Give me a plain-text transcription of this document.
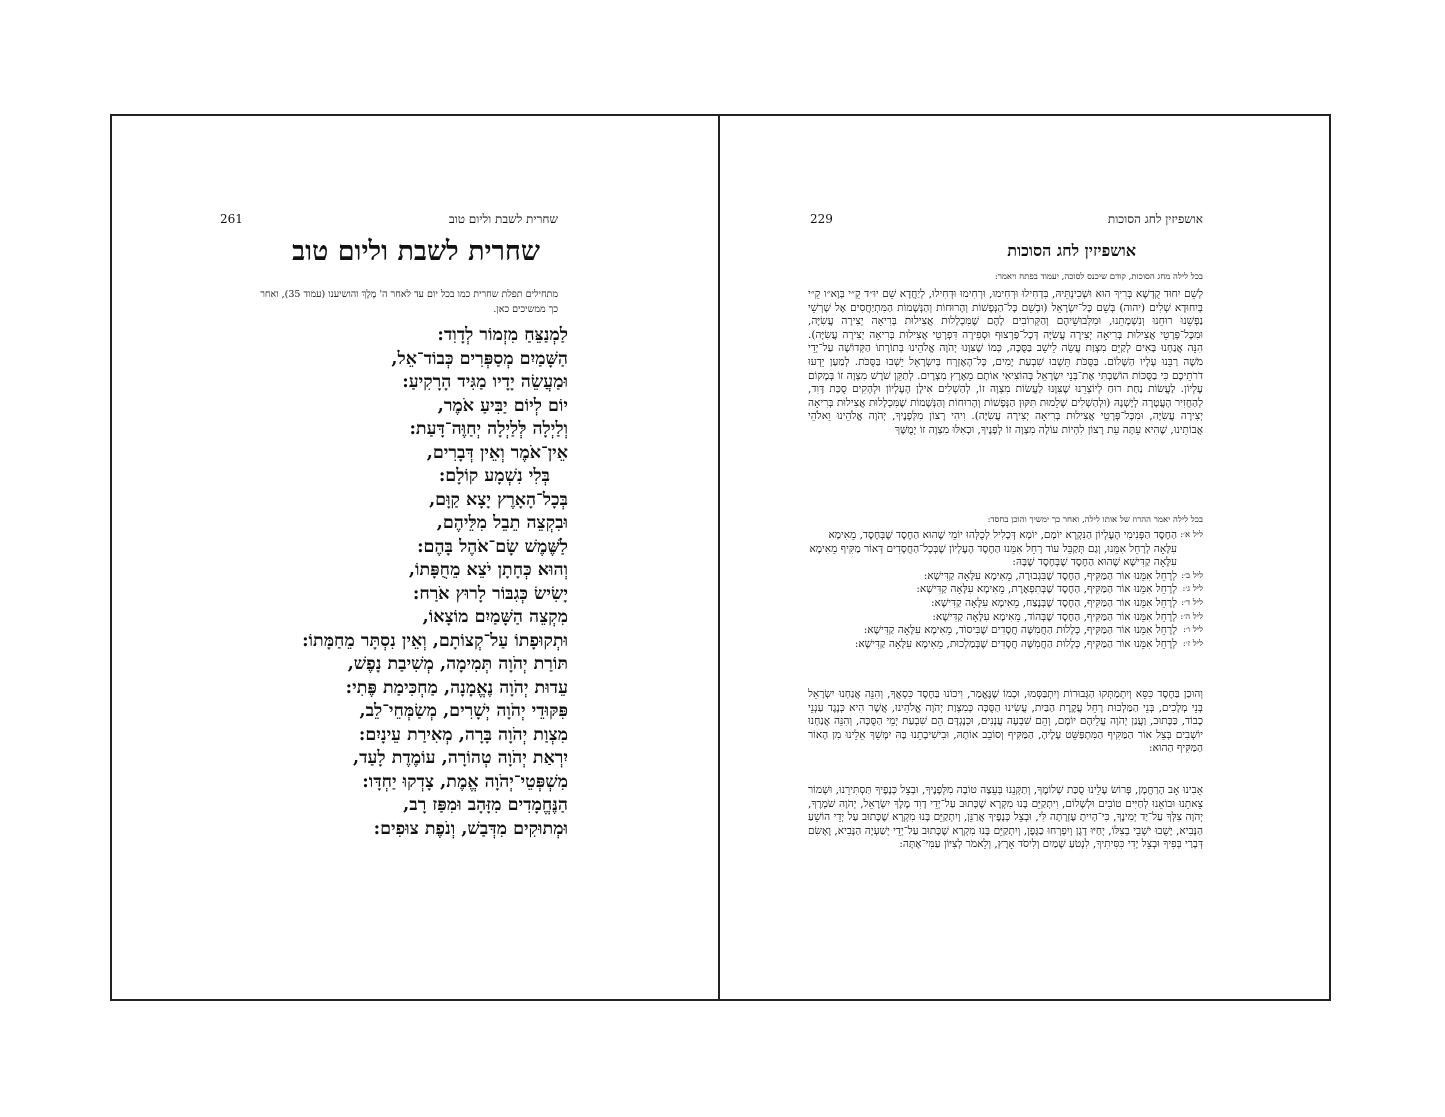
שחרית לשבת וליום טוב
261
שחרית לשבת וליום טוב
מתחילים תפלת שחרית כמו בכל יום עד לאחר ה' מֶלֶךְ והושיענו (עמוד 35), ואחר כך ממשיכים כאן.
לַמְנַצֵּחַ מִזְמוֹר לְדָוִד:
הַשָּׁמַיִם מְסַפְּרִים כְּבוֹד־אֵל,
וּמַעֲשֵׂה יָדָיו מַגִּיד הָרָקִיעַ:
יוֹם לְיוֹם יַבִּיעַ אֹמֶר,
וְלַיְלָה לְּלַיְלָה יְחַוֶּה־דָּעַת:
אֵין־אֹמֶר וְאֵין דְּבָרִים,
בְּלִי נִשְׁמָע קוֹלָם:
בְּכָל־הָאָרֶץ יָצָא קַוָּם,
וּבִקְצֵה תֵבֵל מִלֵּיהֶם,
לַשֶּׁמֶשׁ שָׂם־אֹהֶל בָּהֶם:
וְהוּא כְּחָתָן יֹצֵא מֵחֻפָּתוֹ,
יָשִׂישׂ כְּגִבּוֹר לָרוּץ אֹרַח:
מִקְצֵה הַשָּׁמַיִם מוֹצָאוֹ,
וּתְקוּפָתוֹ עַל־קְצוֹתָם, וְאֵין נִסְתָּר מֵחַמָּתוֹ:
תּוֹרַת יְהֹוָה תְּמִימָה, מְשִׁיבַת נָפֶשׁ,
עֵדוּת יְהֹוָה נֶאֱמָנָה, מַחְכִּימַת פֶּתִי:
פִּקּוּדֵי יְהֹוָה יְשָׁרִים, מְשַׂמְּחֵי־לֵב,
מִצְוַת יְהֹוָה בָּרָה, מְאִירַת עֵינָיִם:
יִרְאַת יְהֹוָה טְהוֹרָה, עוֹמֶדֶת לָעַד,
מִשְׁפְּטֵי־יְהֹוָה אֱמֶת, צָדְקוּ יַחְדָּו:
הַנֶּחֱמָדִים מִזָּהָב וּמִפַּז רָב,
וּמְתוּקִים מִדְּבַשׁ, וְנֹפֶת צוּפִים:
אושפיזין לחג הסוכות
229
אושפיזין לחג הסוכות
בכל לילה מחג הסוכות, קודם שיכנס לסוכה, יעמוד בפתח ויאמר:

לְשֵׁם יִחוּד קֻדְשָׁא בְּרִיךְ הוּא וּשְׁכִינְתֵּיהּ, בִּדְחִילוּ וּרְחִימוּ, וּרְחִימוּ וּדְחִילוּ, לְיַחֲדָא שֵׁם יוּ״ד קֵ״י בְּוָא״ו קֵ״י בְּיִחוּדָא שְׁלִים (יהוה) בְּשֵׁם כָּל־יִשְׂרָאֵל (וּבְשֵׁם כָּל־הַנְּפָשׁוֹת וְהָרוּחוֹת וְהַנְּשָׁמוֹת הַמִּתְיַחֲסִים אֶל שָׁרְשֵׁי נַפְשֵׁנוּ רוּחֵנוּ וְנִשְׁמָתֵנוּ, וּמִלְּבוּשֵׁיהֶם וְהַקְּרוֹבִים לָהֶם שֶׁמִּכְלָלוּת אֲצִילוּת בְּרִיאָה יְצִירָה עֲשִׂיָּה, וּמִכָּל־פְּרָטֵי אֲצִילוּת בְּרִיאָה יְצִירָה עֲשִׂיָּה דְּכָל־פַּרְצוּף וּסְפִירָה דִּפְרָטֵי אֲצִילוּת בְּרִיאָה יְצִירָה עֲשִׂיָּה). הִנֵּה אֲנַחְנוּ בָּאִים לְקַיֵּם מִצְוַת עֲשֵׂה לֵישֵׁב בַּסֻּכָּה, כְּמוֹ שֶׁצִּוָּנוּ יְהֹוָה אֱלֹהֵינוּ בְּתוֹרָתוֹ הַקְּדוֹשָׁה עַל־יְדֵי מֹשֶׁה רַבֵּנוּ עָלָיו הַשָּׁלוֹם. בַּסֻּכֹּת תֵּשְׁבוּ שִׁבְעַת יָמִים, כָּל־הָאֶזְרָח בְּיִשְׂרָאֵל יֵשְׁבוּ בַּסֻּכֹּת. לְמַעַן יֵדְעוּ דֹרֹתֵיכֶם כִּי בַסֻּכּוֹת הוֹשַׁבְתִּי אֶת־בְּנֵי יִשְׂרָאֵל בְּהוֹצִיאִי אוֹתָם מֵאֶרֶץ מִצְרָיִם. לְתַקֵּן שֹׁרֶשׁ מִצְוָה זוֹ בְּמָקוֹם עֶלְיוֹן. לַעֲשׂוֹת נַחַת רוּחַ לְיוֹצְרֵנוּ שֶׁצִּוָּנוּ לַעֲשׂוֹת מִצְוָה זוֹ, לְהַשְׁלִים אִילָן הָעֶלְיוֹן וּלְהָקִים סֻכַּת דָּוִד, לְהַחֲזִיר הָעֲטָרָה לְיָשְׁנָהּ (וּלְהַשְׁלִים שְׁלֵמוּת תִּקּוּן הַנְּפָשׁוֹת וְהָרוּחוֹת וְהַנְּשָׁמוֹת שֶׁמִּכְלָלוּת אֲצִילוּת בְּרִיאָה יְצִירָה עֲשִׂיָּה, וּמִכָּל־פְּרָטֵי אֲצִילוּת בְּרִיאָה יְצִירָה עֲשִׂיָּה). וִיהִי רָצוֹן מִלְּפָנֶיךָ, יְהֹוָה אֱלֹהֵינוּ וֵאלֹהֵי אֲבוֹתֵינוּ, שֶׁהִיא עֵתָּה עֵת רָצוֹן לִהְיוֹת עוֹלָה מִצְוָה זוֹ לְפָנֶיךָ, וּכְאִלּוּ מִצְוָה זוֹ יְמֻשָּׁךְ

בכל לילה יאמר ההרוז של אותו לילה, ואחר כך ימשיך והוכן בחסד:
ליל א׳:
הַחֶסֶד הַפְּנִימִי הָעֶלְיוֹן הַנִּקְרָא יוֹמָם, יוֹמָא דְּכָלִיל לְכֻלְּהוּ יוֹמֵי שֶׁהוּא הַחֶסֶד שֶׁבְּחֶסֶד, מֵאִימָא עִלָּאָה לְרָחֵל אִמֵּנוּ, וְגַם תְּקַבֵּל עוֹד רָחֵל אִמֵּנוּ הַחֶסֶד הָעֶלְיוֹן שֶׁבְּכָל־הַחֲסָדִים דְּאוֹר מַקִּיף מֵאִימָא עִלָּאָה קַדִּישָׁא שֶׁהוּא הַחֶסֶד שֶׁבְּחֶסֶד שֶׁבָּהּ:
ליל ב׳:
לְרָחֵל אִמֵּנוּ אוֹר הַמַּקִּיף, הַחֶסֶד שֶׁבִּגְבוּרָה, מֵאִימָא עִלָּאָה קַדִּישָׁא:
ליל ג׳:
לְרָחֵל אִמֵּנוּ אוֹר הַמַּקִּיף, הַחֶסֶד שֶׁבְּתִפְאֶרֶת, מֵאִימָא עִלָּאָה קַדִּישָׁא:
ליל ד׳:
לְרָחֵל אִמֵּנוּ אוֹר הַמַּקִּיף, הַחֶסֶד שֶׁבְּנֶצַח, מֵאִימָא עִלָּאָה קַדִּישָׁא:
ליל ה׳:
לְרָחֵל אִמֵּנוּ אוֹר הַמַּקִּיף, הַחֶסֶד שֶׁבְּהוֹד, מֵאִימָא עִלָּאָה קַדִּישָׁא:
ליל ו׳:
לְרָחֵל אִמֵּנוּ אוֹר הַמַּקִּיף, כְּלָלוּת הַחֲמִשָּׁה חֲסָדִים שֶׁבִּיסוֹד, מֵאִימָא עִלָּאָה קַדִּישָׁא:
ליל ז׳:
לְרָחֵל אִמֵּנוּ אוֹר הַמַּקִּיף, כְּלָלוּת הַחֲמִשָּׁה חֲסָדִים שֶׁבְּמַלְכוּת, מֵאִימָא עִלָּאָה קַדִּישָׁא:

וְהוּכַן בַּחֶסֶד כִּסֵּא וְיִתְמַתְּקוּ הַגְּבוּרוֹת וְיִתְבַּסְּמוּ, וּכְמוֹ שֶׁנֶּאֱמַר, וִיכוֹנוּ בַּחֶסֶד כִּסְאֲךָ, וְהִנֵּה אֲנַחְנוּ יִשְׂרָאֵל בְּנֵי מְלָכִים, בְּנֵי הַמַּלְכוּת רָחֵל עֲקֶרֶת הַבַּיִת, עֲשִׂינוּ הַסֻּכָּה כְּמִצְוַת יְהֹוָה אֱלֹהֵינוּ, אֲשֶׁר הִיא כְּנֶגֶד עַנְנֵי כָבוֹד, כַּכָּתוּב, וַעֲנַן יְהֹוָה עֲלֵיהֶם יוֹמָם, וְהֵם שִׁבְעָה עֲנָנִים, וּכְנֶגְדָּם הֵם שִׁבְעַת יְמֵי הַסֻּכָּה, וְהִנֵּה אֲנַחְנוּ יוֹשְׁבִים בְּצֵל אוֹר הַמַּקִּיף הַמִּתְפַּשֵּׁט עָלֶיהָ, הַמַּקִּיף וְסוֹבֵב אוֹתָהּ, וּבִישִׁיבָתֵנוּ בָּהּ יִמָּשֵׁךְ אֵלֵינוּ מִן הָאוֹר הַמַּקִּיף הַהוּא:

אָבִינוּ אָב הָרַחֲמָן, פְּרוֹשׂ עָלֵינוּ סֻכַּת שְׁלוֹמֶךָ, וְתַקְּנֵנוּ בְּעֵצָה טוֹבָה מִלְּפָנֶיךָ, וּבְצֵל כְּנָפֶיךָ תַּסְתִּירֵנוּ, וּשְׁמוֹר צֵאתֵנוּ וּבוֹאֵנוּ לְחַיִּים טוֹבִים וּלְשָׁלוֹם, וִיתְקַיֵּם בָּנוּ מִקְרָא שֶׁכָּתוּב עַל־יְדֵי דָוִד מֶלֶךְ יִשְׂרָאֵל, יְהֹוָה שֹׁמְרֶךָ, יְהֹוָה צִלְּךָ עַל־יַד יְמִינֶךָ, כִּי־הָיִיתָ עֶזְרָתָה לִּי, וּבְצֵל כְּנָפֶיךָ אֲרַנֵּן, וְיִתְקַיֵּם בָּנוּ מִקְרָא שֶׁכָּתוּב עַל יְדֵי הוֹשֵׁעַ הַנָּבִיא, יָשֻׁבוּ יֹשְׁבֵי בְצִלּוֹ, יְחַיּוּ דָגָן וְיִפְרְחוּ כַגָּפֶן, וְיִתְקַיֵּם בָּנוּ מִקְרָא שֶׁכָּתוּב עַל־יְדֵי יְשַׁעְיָה הַנָּבִיא, וָאָשִׂם דְּבָרַי בְּפִיךָ וּבְצֵל יָדִי כִּסִּיתִיךָ, לִנְטֹעַ שָׁמַיִם וְלִיסֹד אָרֶץ, וְלֵאמֹר לְצִיּוֹן עַמִּי־אָתָּה:
